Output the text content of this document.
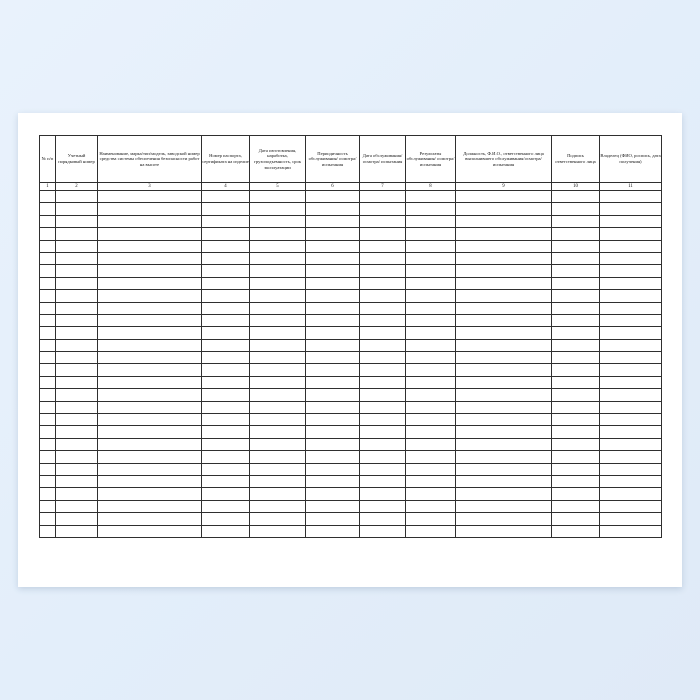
№ п/п	Учетный порядковый номер	Наименование, марка/тип/модель, заводской номер средства системы обеспечения безопасности работ на высоте	Номер паспорта, сертификата на изделие	Дата изготовления, наработка, грузоподъемность, срок эксплуатации	Периодичность обслуживания/ осмотра/ испытания	Дата обслуживания/ осмотра/ испытания	Результаты обслуживания/ осмотра/ испытания	Должность, Ф.И.О., ответственного лица выполнившего обслуживания/осмотра/ испытания	Подпись ответственного лица	Владелец (ФИО, роспись, дата получения)

1	2	3	4	5	6	7	8	9	10	11
